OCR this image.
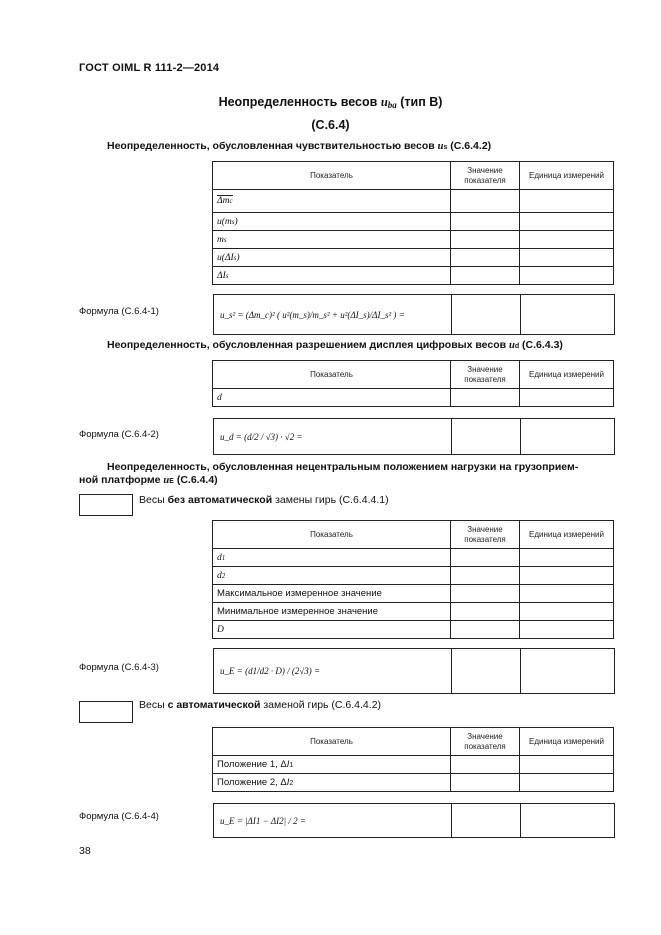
ГОСТ OIML R 111-2—2014
Неопределенность весов uba (тип В)
(C.6.4)
Неопределенность, обусловленная чувствительностью весов us (C.6.4.2)
Показатель	Значение показателя	Единица измерений
Δmc		
u(ms)		
ms		
u(ΔIs)		
ΔIs		
Формула (C.6.4-1)	u_s² = (Δm_c)² ( u²(m_s)/m_s² + u²(ΔI_s)/ΔI_s² ) =
Неопределенность, обусловленная разрешением дисплея цифровых весов ud (C.6.4.3)
Показатель	Значение показателя	Единица измерений
d		
Формула (C.6.4-2)	u_d = (d/2 / √3) · √2 =
Неопределенность, обусловленная нецентральным положением нагрузки на грузоприем-
ной платформе uE (C.6.4.4)
Весы без автоматической замены гирь (C.6.4.4.1)
Показатель	Значение показателя	Единица измерений
d1		
d2		
Максимальное измеренное значение		
Минимальное измеренное значение		
D		
Формула (C.6.4-3)	u_E = (d1/d2 · D) / (2√3) =
Весы с автоматической заменой гирь (C.6.4.4.2)
Показатель	Значение показателя	Единица измерений
Положение 1, ΔI1		
Положение 2, ΔI2		
Формула (C.6.4-4)	u_E = |ΔI1 − ΔI2| / 2 =
38
